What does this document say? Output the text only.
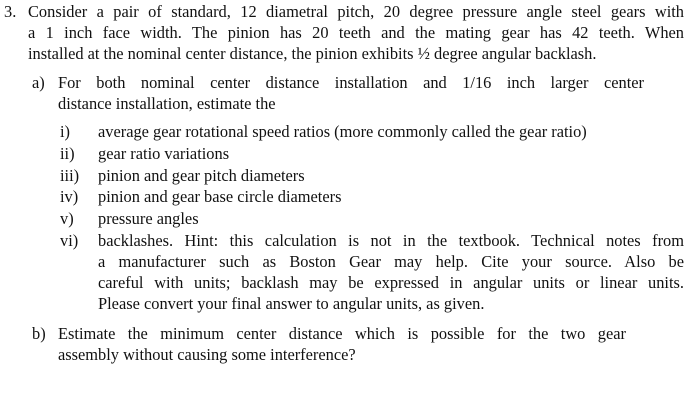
3. Consider a pair of standard, 12 diametral pitch, 20 degree pressure angle steel gears with
a 1 inch face width. The pinion has 20 teeth and the mating gear has 42 teeth. When
installed at the nominal center distance, the pinion exhibits ½ degree angular backlash.
a) For both nominal center distance installation and 1/16 inch larger center
distance installation, estimate the
i) average gear rotational speed ratios (more commonly called the gear ratio)
ii) gear ratio variations
iii) pinion and gear pitch diameters
iv) pinion and gear base circle diameters
v) pressure angles
vi) backlashes. Hint: this calculation is not in the textbook. Technical notes from
a manufacturer such as Boston Gear may help. Cite your source. Also be
careful with units; backlash may be expressed in angular units or linear units.
Please convert your final answer to angular units, as given.
b) Estimate the minimum center distance which is possible for the two gear
assembly without causing some interference?
